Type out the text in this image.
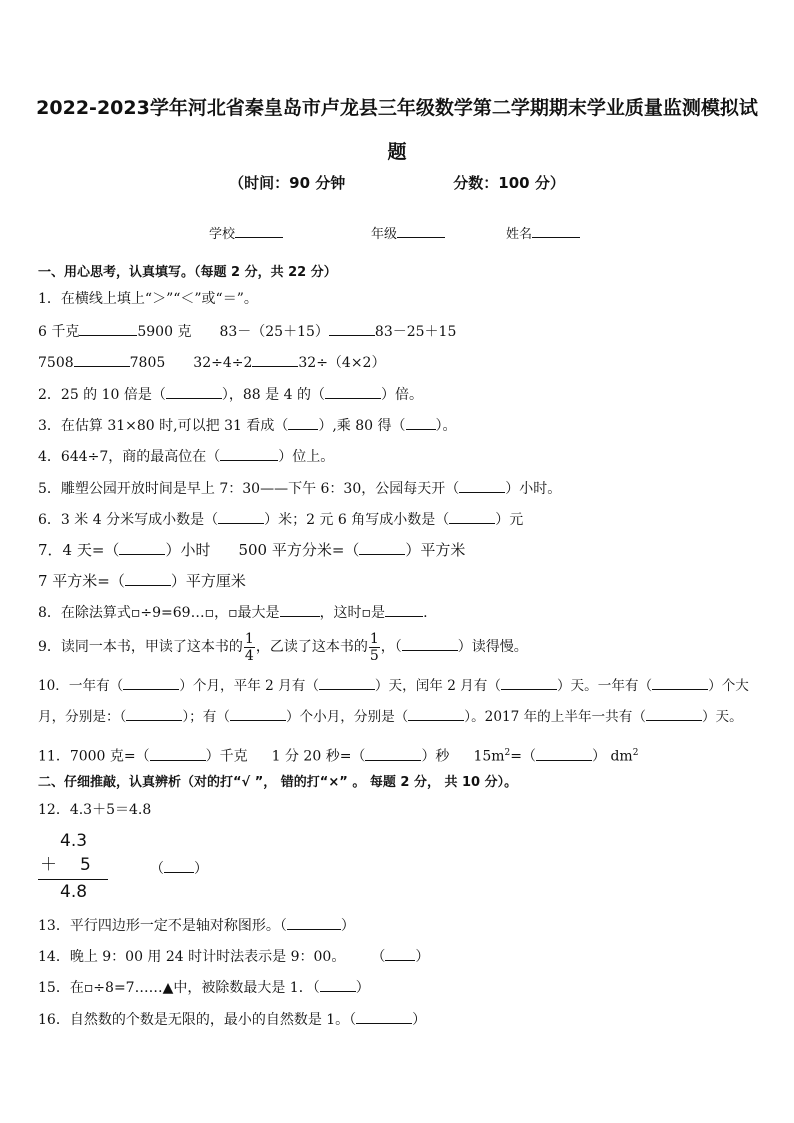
2022-2023学年河北省秦皇岛市卢龙县三年级数学第二学期期末学业质量监测模拟试题
（时间：90 分钟	分数：100 分）
学校	年级	姓名
一、用心思考，认真填写。（每题 2 分，共 22 分）
1．在横线上填上“＞”“＜”或“＝”。
6 千克	5900 克 83－（25＋15）	83－25＋15
7508	7805 32÷4÷2	32÷（4×2）
2．25 的 10 倍是（	），88 是 4 的（	）倍。
3．在估算 31×80 时,可以把 31 看成（ ）,乘 80 得（ ）。
4．644÷7，商的最高位在（	）位上。
5．雕塑公园开放时间是早上 7：30——下午 6：30，公园每天开（	）小时。
6．3 米 4 分米写成小数是（	）米；2 元 6 角写成小数是（	）元
7．4 天=（	）小时 500 平方分米=（	）平方米
7 平方米=（	）平方厘米
8．在除法算式▫÷9=69…▫，▫最大是	，这时▫是	.
9．读同一本书，甲读了这本书的 $\frac{1}{4}$ ，乙读了这本书的 $\frac{1}{5}$ ，（	）读得慢。
10．一年有（	）个月，平年 2 月有（	）天，闰年 2 月有（	）天。一年有（	）个大
月，分别是：（	）；有（	）个小月，分别是（	）。2017 年的上半年一共有（	）天。
11．7000 克=（	）千克 1 分 20 秒=（	）秒 $15m^2=$（	） $dm^2$
二、仔细推敲，认真辨析（对的打“√ ”， 错的打“×” 。 每题 2 分， 共 10 分）。
12．4.3＋5＝4.8
4.3
＋ 5
4.8
（ ）
13．平行四边形一定不是轴对称图形。（	）
14．晚上 9：00 用 24 时计时法表示是 9：00。 （ ）
15．在▫÷8=7……▲中，被除数最大是 1．（	）
16．自然数的个数是无限的，最小的自然数是 1。（	）
